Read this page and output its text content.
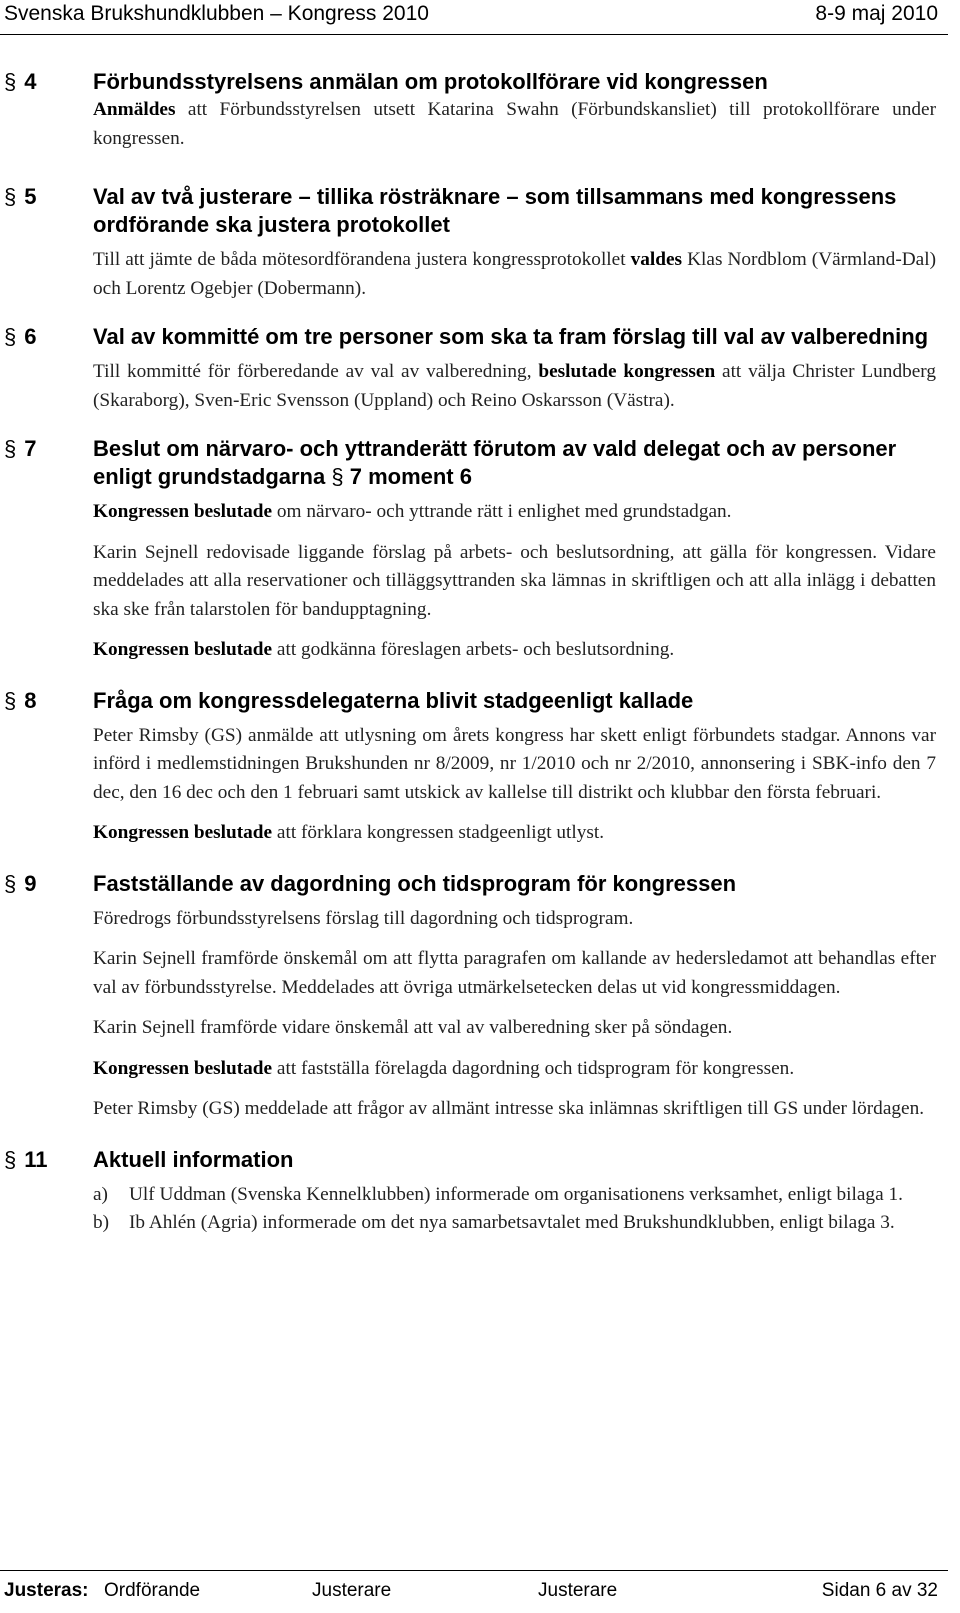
Svenska Brukshundklubben – Kongress 2010	8-9 maj 2010
§ 4	Förbundsstyrelsens anmälan om protokollförare vid kongressen

Anmäldes att Förbundsstyrelsen utsett Katarina Swahn (Förbundskansliet) till protokollförare under kongressen.

§ 5	Val av två justerare – tillika rösträknare – som tillsammans med kongressens ordförande ska justera protokollet

Till att jämte de båda mötesordförandena justera kongressprotokollet valdes Klas Nordblom (Värmland-Dal) och Lorentz Ogebjer (Dobermann).

§ 6	Val av kommitté om tre personer som ska ta fram förslag till val av valberedning

Till kommitté för förberedande av val av valberedning, beslutade kongressen att välja Christer Lundberg (Skaraborg), Sven-Eric Svensson (Uppland) och Reino Oskarsson (Västra).

§ 7	Beslut om närvaro- och yttranderätt förutom av vald delegat och av personer enligt grundstadgarna § 7 moment 6

Kongressen beslutade om närvaro- och yttrande rätt i enlighet med grundstadgan.

Karin Sejnell redovisade liggande förslag på arbets- och beslutsordning, att gälla för kongressen. Vidare meddelades att alla reservationer och tilläggsyttranden ska lämnas in skriftligen och att alla inlägg i debatten ska ske från talarstolen för bandupptagning.

Kongressen beslutade att godkänna föreslagen arbets- och beslutsordning.

§ 8	Fråga om kongressdelegaterna blivit stadgeenligt kallade

Peter Rimsby (GS) anmälde att utlysning om årets kongress har skett enligt förbundets stadgar. Annons var införd i medlemstidningen Brukshunden nr 8/2009, nr 1/2010 och nr 2/2010, annonsering i SBK-info den 7 dec, den 16 dec och den 1 februari samt utskick av kallelse till distrikt och klubbar den första februari.

Kongressen beslutade att förklara kongressen stadgeenligt utlyst.

§ 9	Fastställande av dagordning och tidsprogram för kongressen

Föredrogs förbundsstyrelsens förslag till dagordning och tidsprogram.

Karin Sejnell framförde önskemål om att flytta paragrafen om kallande av hedersledamot att behandlas efter val av förbundsstyrelse. Meddelades att övriga utmärkelsetecken delas ut vid kongressmiddagen.

Karin Sejnell framförde vidare önskemål att val av valberedning sker på söndagen.

Kongressen beslutade att fastställa förelagda dagordning och tidsprogram för kongressen.

Peter Rimsby (GS) meddelade att frågor av allmänt intresse ska inlämnas skriftligen till GS under lördagen.

§ 11	Aktuell information
a) Ulf Uddman (Svenska Kennelklubben) informerade om organisationens verksamhet, enligt bilaga 1.
b) Ib Ahlén (Agria) informerade om det nya samarbetsavtalet med Brukshundklubben, enligt bilaga 3.
Justeras: Ordförande	Justerare	Justerare	Sidan 6 av 32
